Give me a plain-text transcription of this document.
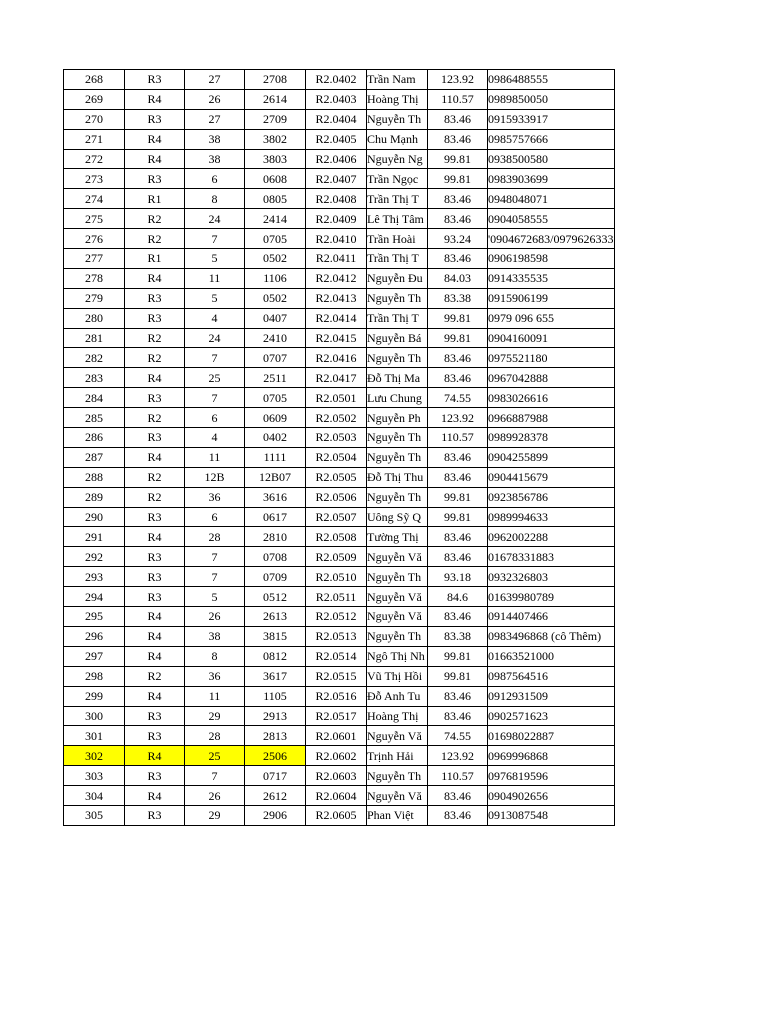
268	R3	27	2708	R2.0402	Trần Nam	123.92	0986488555
269	R4	26	2614	R2.0403	Hoàng Thị	110.57	0989850050
270	R3	27	2709	R2.0404	Nguyễn Th	83.46	0915933917
271	R4	38	3802	R2.0405	Chu Mạnh	83.46	0985757666
272	R4	38	3803	R2.0406	Nguyễn Ng	99.81	0938500580
273	R3	6	0608	R2.0407	Trần Ngọc	99.81	0983903699
274	R1	8	0805	R2.0408	Trần Thị T	83.46	0948048071
275	R2	24	2414	R2.0409	Lê Thị Tâm	83.46	0904058555
276	R2	7	0705	R2.0410	Trần Hoài	93.24	'0904672683/0979626333
277	R1	5	0502	R2.0411	Trần Thị T	83.46	0906198598
278	R4	11	1106	R2.0412	Nguyễn Đu	84.03	0914335535
279	R3	5	0502	R2.0413	Nguyễn Th	83.38	0915906199
280	R3	4	0407	R2.0414	Trần Thị T	99.81	0979 096 655
281	R2	24	2410	R2.0415	Nguyễn Bá	99.81	0904160091
282	R2	7	0707	R2.0416	Nguyễn Th	83.46	0975521180
283	R4	25	2511	R2.0417	Đỗ Thị Ma	83.46	0967042888
284	R3	7	0705	R2.0501	Lưu Chung	74.55	0983026616
285	R2	6	0609	R2.0502	Nguyễn Ph	123.92	0966887988
286	R3	4	0402	R2.0503	Nguyễn Th	110.57	0989928378
287	R4	11	1111	R2.0504	Nguyễn Th	83.46	0904255899
288	R2	12B	12B07	R2.0505	Đỗ Thị Thu	83.46	0904415679
289	R2	36	3616	R2.0506	Nguyễn Th	99.81	0923856786
290	R3	6	0617	R2.0507	Uông Sỹ Q	99.81	0989994633
291	R4	28	2810	R2.0508	Tường Thị	83.46	0962002288
292	R3	7	0708	R2.0509	Nguyễn Vă	83.46	01678331883
293	R3	7	0709	R2.0510	Nguyễn Th	93.18	0932326803
294	R3	5	0512	R2.0511	Nguyễn Vă	84.6	01639980789
295	R4	26	2613	R2.0512	Nguyễn Vă	83.46	0914407466
296	R4	38	3815	R2.0513	Nguyễn Th	83.38	0983496868 (cô Thêm)
297	R4	8	0812	R2.0514	Ngô Thị Nh	99.81	01663521000
298	R2	36	3617	R2.0515	Vũ Thị Hồi	99.81	0987564516
299	R4	11	1105	R2.0516	Đỗ Anh Tu	83.46	0912931509
300	R3	29	2913	R2.0517	Hoàng Thị	83.46	0902571623
301	R3	28	2813	R2.0601	Nguyễn Vă	74.55	01698022887
302	R4	25	2506	R2.0602	Trịnh Hải	123.92	0969996868
303	R3	7	0717	R2.0603	Nguyễn Th	110.57	0976819596
304	R4	26	2612	R2.0604	Nguyễn Vă	83.46	0904902656
305	R3	29	2906	R2.0605	Phan Việt	83.46	0913087548
